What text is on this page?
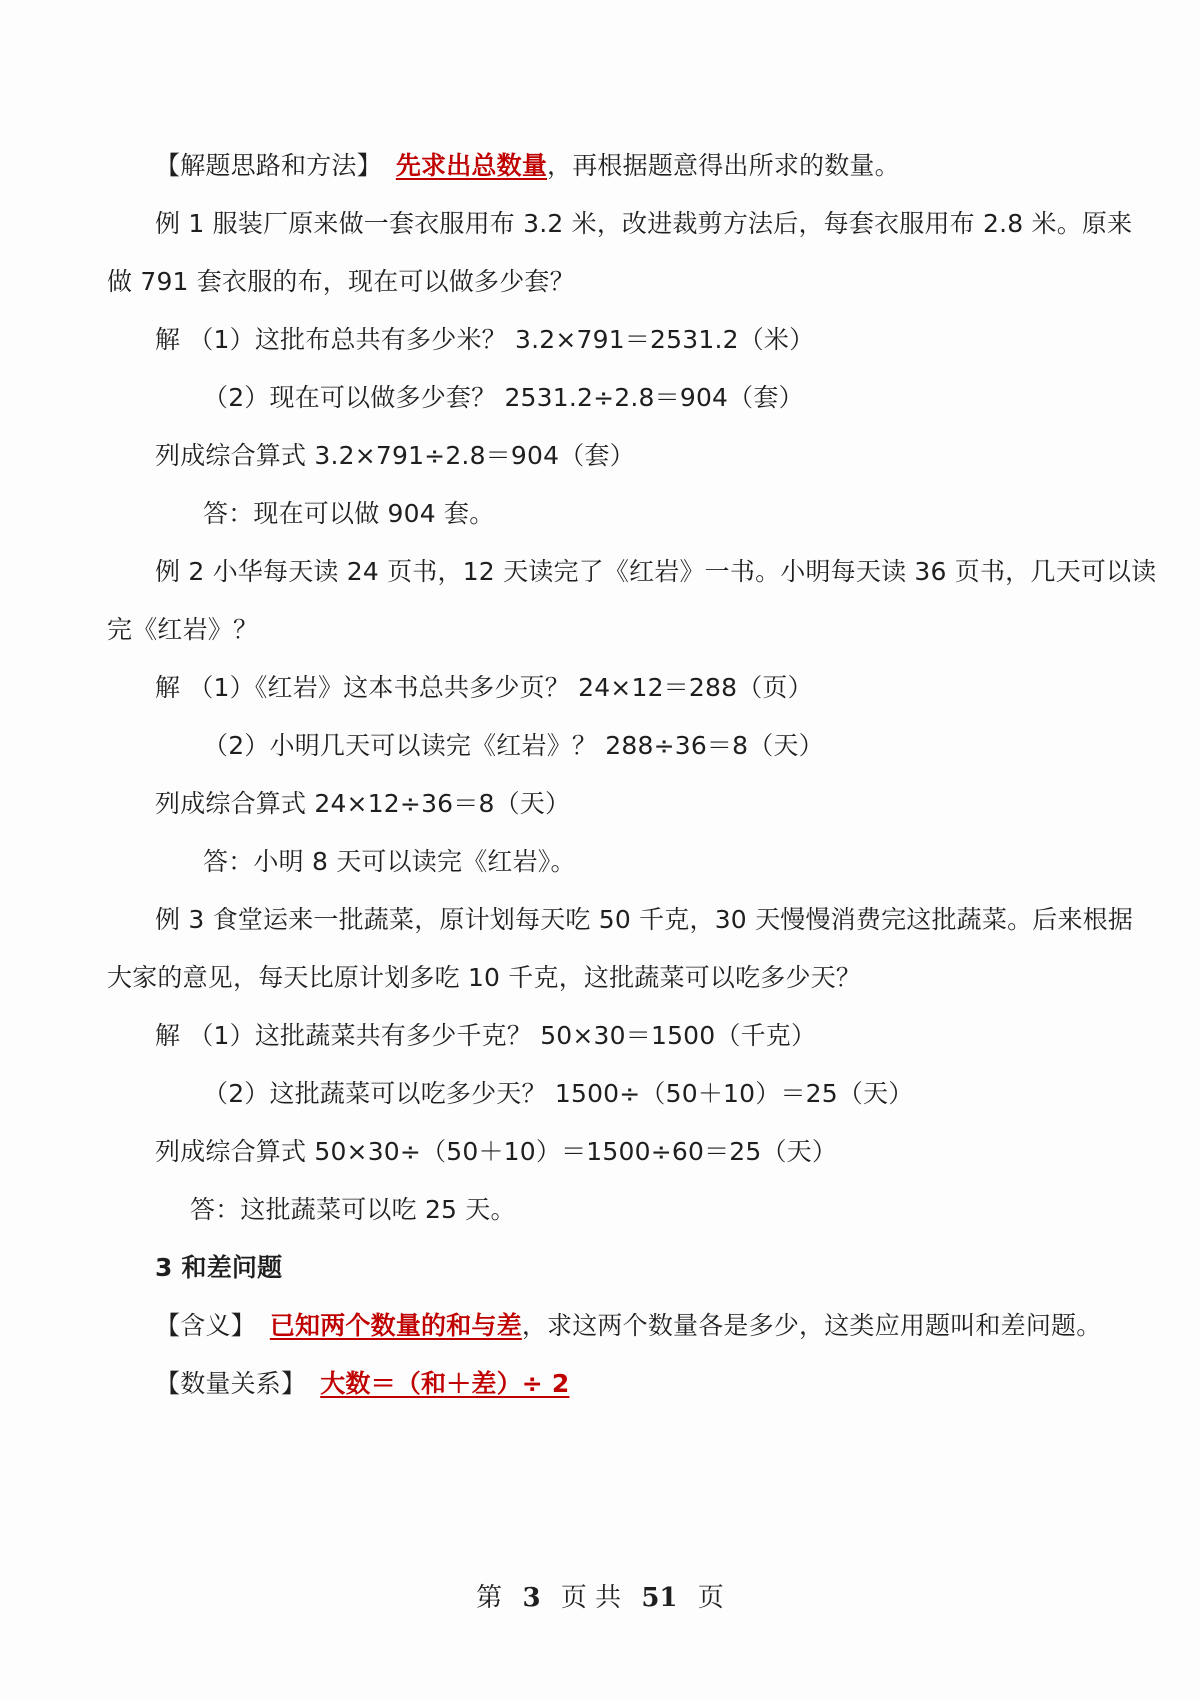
【解题思路和方法】 先求出总数量，再根据题意得出所求的数量。
例 1 服装厂原来做一套衣服用布 3.2 米，改进裁剪方法后，每套衣服用布 2.8 米。原来
做 791 套衣服的布，现在可以做多少套？
解 （1）这批布总共有多少米？ 3.2×791＝2531.2（米）
（2）现在可以做多少套？ 2531.2÷2.8＝904（套）
列成综合算式 3.2×791÷2.8＝904（套）
答：现在可以做 904 套。
例 2 小华每天读 24 页书，12 天读完了《红岩》一书。小明每天读 36 页书，几天可以读
完《红岩》？
解 （1）《红岩》这本书总共多少页？ 24×12＝288（页）
（2）小明几天可以读完《红岩》？ 288÷36＝8（天）
列成综合算式 24×12÷36＝8（天）
答：小明 8 天可以读完《红岩》。
例 3 食堂运来一批蔬菜，原计划每天吃 50 千克，30 天慢慢消费完这批蔬菜。后来根据
大家的意见，每天比原计划多吃 10 千克，这批蔬菜可以吃多少天？
解 （1）这批蔬菜共有多少千克？ 50×30＝1500（千克）
（2）这批蔬菜可以吃多少天？ 1500÷（50＋10）＝25（天）
列成综合算式 50×30÷（50＋10）＝1500÷60＝25（天）
答：这批蔬菜可以吃 25 天。
3 和差问题
【含义】 已知两个数量的和与差，求这两个数量各是多少，这类应用题叫和差问题。
【数量关系】 大数＝（和＋差）÷ 2
第 3 页 共 51 页
